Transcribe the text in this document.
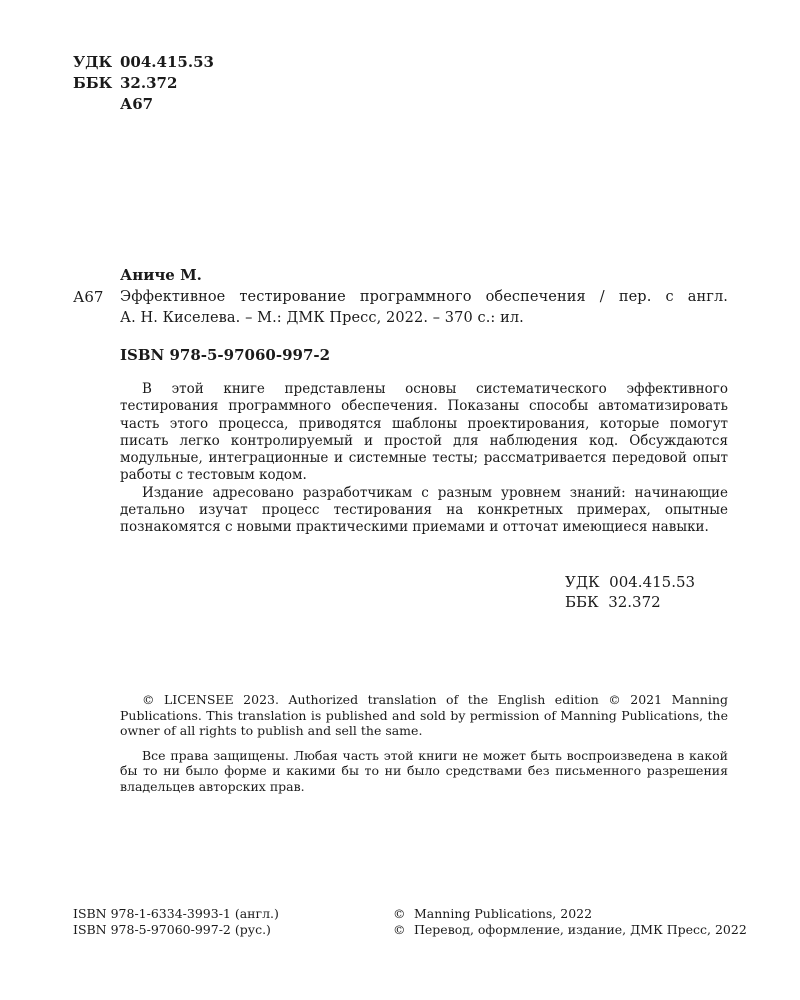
УДК 004.415.53
ББК 32.372
А67
Аниче М.
А67 Эффективное тестирование программного обеспечения / пер. с англ.
А. Н. Киселева. – М.: ДМК Пресс, 2022. – 370 с.: ил.
ISBN 978-5-97060-997-2

В этой книге представлены основы систематического эффективного тестирования программного обеспечения. Показаны способы автоматизировать часть этого процесса, приводятся шаблоны проектирования, которые помогут писать легко контролируемый и простой для наблюдения код. Обсуждаются модульные, интеграционные и системные тесты; рассматривается передовой опыт работы с тестовым кодом.

Издание адресовано разработчикам с разным уровнем знаний: начинающие детально изучат процесс тестирования на конкретных примерах, опытные познакомятся с новыми практическими приемами и отточат имеющиеся навыки.

УДК  004.415.53
ББК  32.372

© LICENSEE 2023. Authorized translation of the English edition © 2021 Manning Publications. This translation is published and sold by permission of Manning Publications, the owner of all rights to publish and sell the same.

Все права защищены. Любая часть этой книги не может быть воспроизведена в какой бы то ни было форме и какими бы то ни было средствами без письменного разрешения владельцев авторских прав.

ISBN 978-1-6334-3993-1 (англ.)
ISBN 978-5-97060-997-2 (рус.)
© Manning Publications, 2022
© Перевод, оформление, издание, ДМК Пресс, 2022
